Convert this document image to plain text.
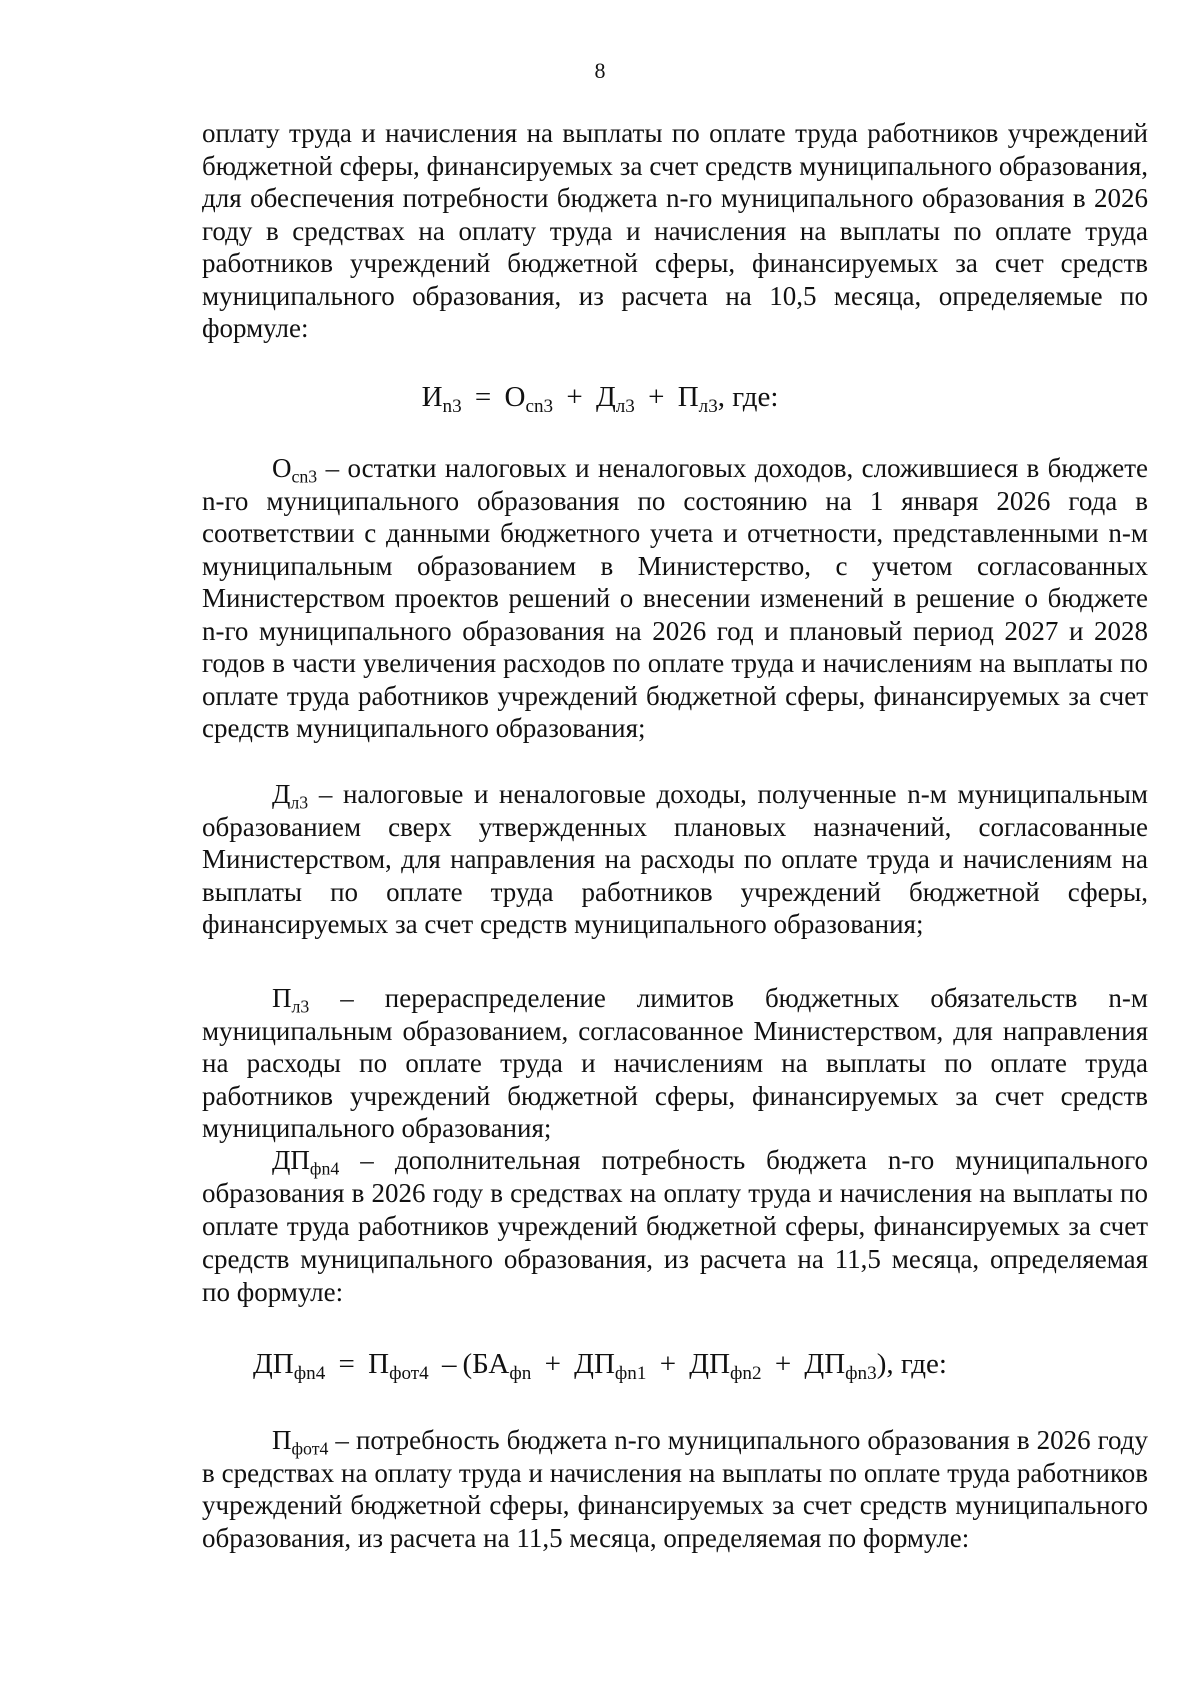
8
оплату труда и начисления на выплаты по оплате труда работников учреждений бюджетной сферы, финансируемых за счет средств муниципального образования, для обеспечения потребности бюджета n-го муниципального образования в 2026 году в средствах на оплату труда и начисления на выплаты по оплате труда работников учреждений бюджетной сферы, финансируемых за счет средств муниципального образования, из расчета на 10,5 месяца, определяемые по формуле:
$И_{n3} = О_{cn3} + Д_{л3} + П_{л3}$, где:
$О_{cn3}$ – остатки налоговых и неналоговых доходов, сложившиеся в бюджете n-го муниципального образования по состоянию на 1 января 2026 года в соответствии с данными бюджетного учета и отчетности, представленными n-м муниципальным образованием в Министерство, с учетом согласованных Министерством проектов решений о внесении изменений в решение о бюджете n-го муниципального образования на 2026 год и плановый период 2027 и 2028 годов в части увеличения расходов по оплате труда и начислениям на выплаты по оплате труда работников учреждений бюджетной сферы, финансируемых за счет средств муниципального образования;
$Д_{л3}$ – налоговые и неналоговые доходы, полученные n-м муниципальным образованием сверх утвержденных плановых назначений, согласованные Министерством, для направления на расходы по оплате труда и начислениям на выплаты по оплате труда работников учреждений бюджетной сферы, финансируемых за счет средств муниципального образования;
$П_{л3}$ – перераспределение лимитов бюджетных обязательств n-м муниципальным образованием, согласованное Министерством, для направления на расходы по оплате труда и начислениям на выплаты по оплате труда работников учреждений бюджетной сферы, финансируемых за счет средств муниципального образования;
$ДП_{фn4}$ – дополнительная потребность бюджета n-го муниципального образования в 2026 году в средствах на оплату труда и начисления на выплаты по оплате труда работников учреждений бюджетной сферы, финансируемых за счет средств муниципального образования, из расчета на 11,5 месяца, определяемая по формуле:
$ДП_{фn4} = П_{фот4} - (БА_{фn} + ДП_{фn1} + ДП_{фn2} + ДП_{фn3})$, где:
$П_{фот4}$ – потребность бюджета n-го муниципального образования в 2026 году в средствах на оплату труда и начисления на выплаты по оплате труда работников учреждений бюджетной сферы, финансируемых за счет средств муниципального образования, из расчета на 11,5 месяца, определяемая по формуле:
